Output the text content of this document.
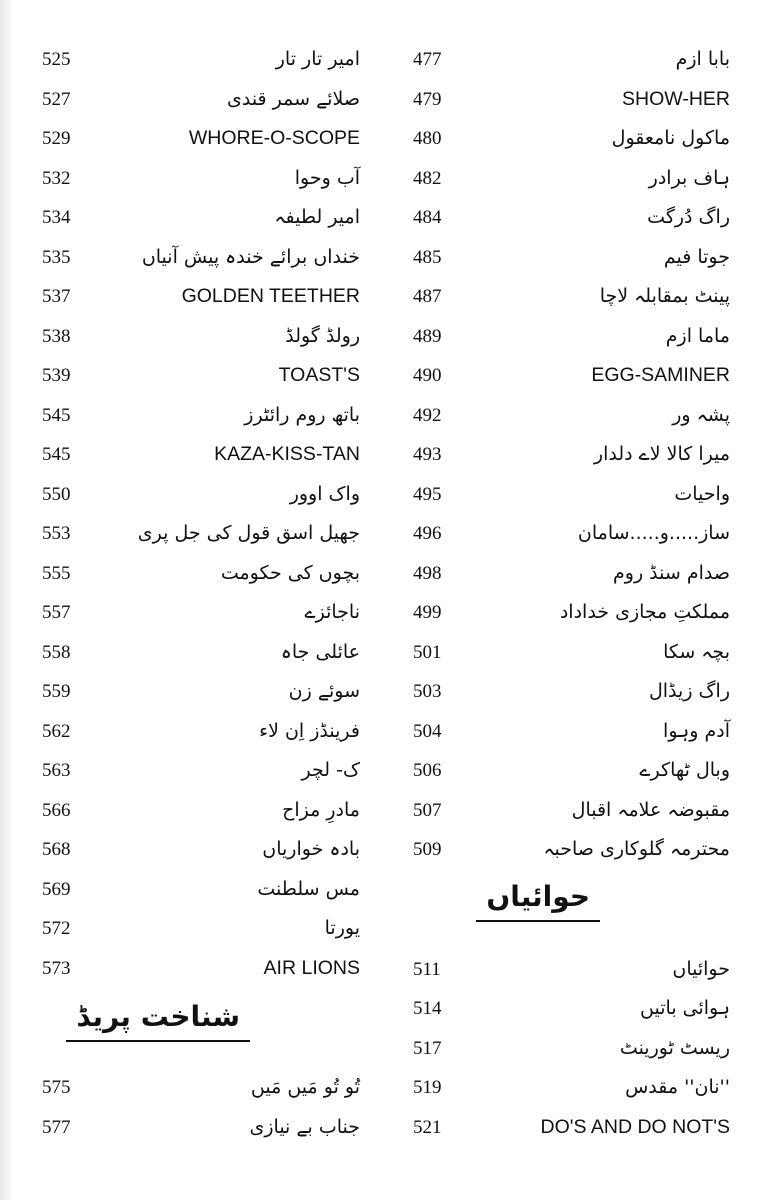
525	امیر تار تار
527	صلائے سمر قندی
529	WHORE-O-SCOPE
532	آب وحوا
534	امیر لطیفہ
535	خنداں برائے خندہ پیش آنیاں
537	GOLDEN TEETHER
538	رولڈ گولڈ
539	TOAST'S
545	باتھ روم رائٹرز
545	KAZA-KISS-TAN
550	واک اوور
553	جھیل اسق قول کی جل پری
555	بچوں کی حکومت
557	ناجائزے
558	عائلی جاہ
559	سوئے زن
562	فرینڈز اِن لاء
563	ک- لچر
566	مادرِ مزاح
568	بادہ خواریاں
569	مس سلطنت
572	یورتا
573	AIR LIONS
شناخت پریڈ
575	تُو تُو مَیں مَیں
577	جناب بے نیازی
477	بابا ازم
479	SHOW-HER
480	ماکول نامعقول
482	ہاف برادر
484	راگ دُرگت
485	جوتا فیم
487	پینٹ بمقابلہ لاچا
489	ماما ازم
490	EGG-SAMINER
492	پشہ ور
493	میرا کالا لاے دلدار
495	واحیات
496	ساز.....و.....سامان
498	صدام سنڈ روم
499	مملکتِ مجازی خداداد
501	بچہ سکا
503	راگ زیڈال
504	آدم وہوا
506	وبال ٹھاکرے
507	مقبوضہ علامہ اقبال
509	محترمہ گلوکاری صاحبہ
حوائیاں
511	حوائیاں
514	ہوائی باتیں
517	ریسٹ ٹورینٹ
519	''نان'' مقدس
521	DO'S AND DO NOT'S
